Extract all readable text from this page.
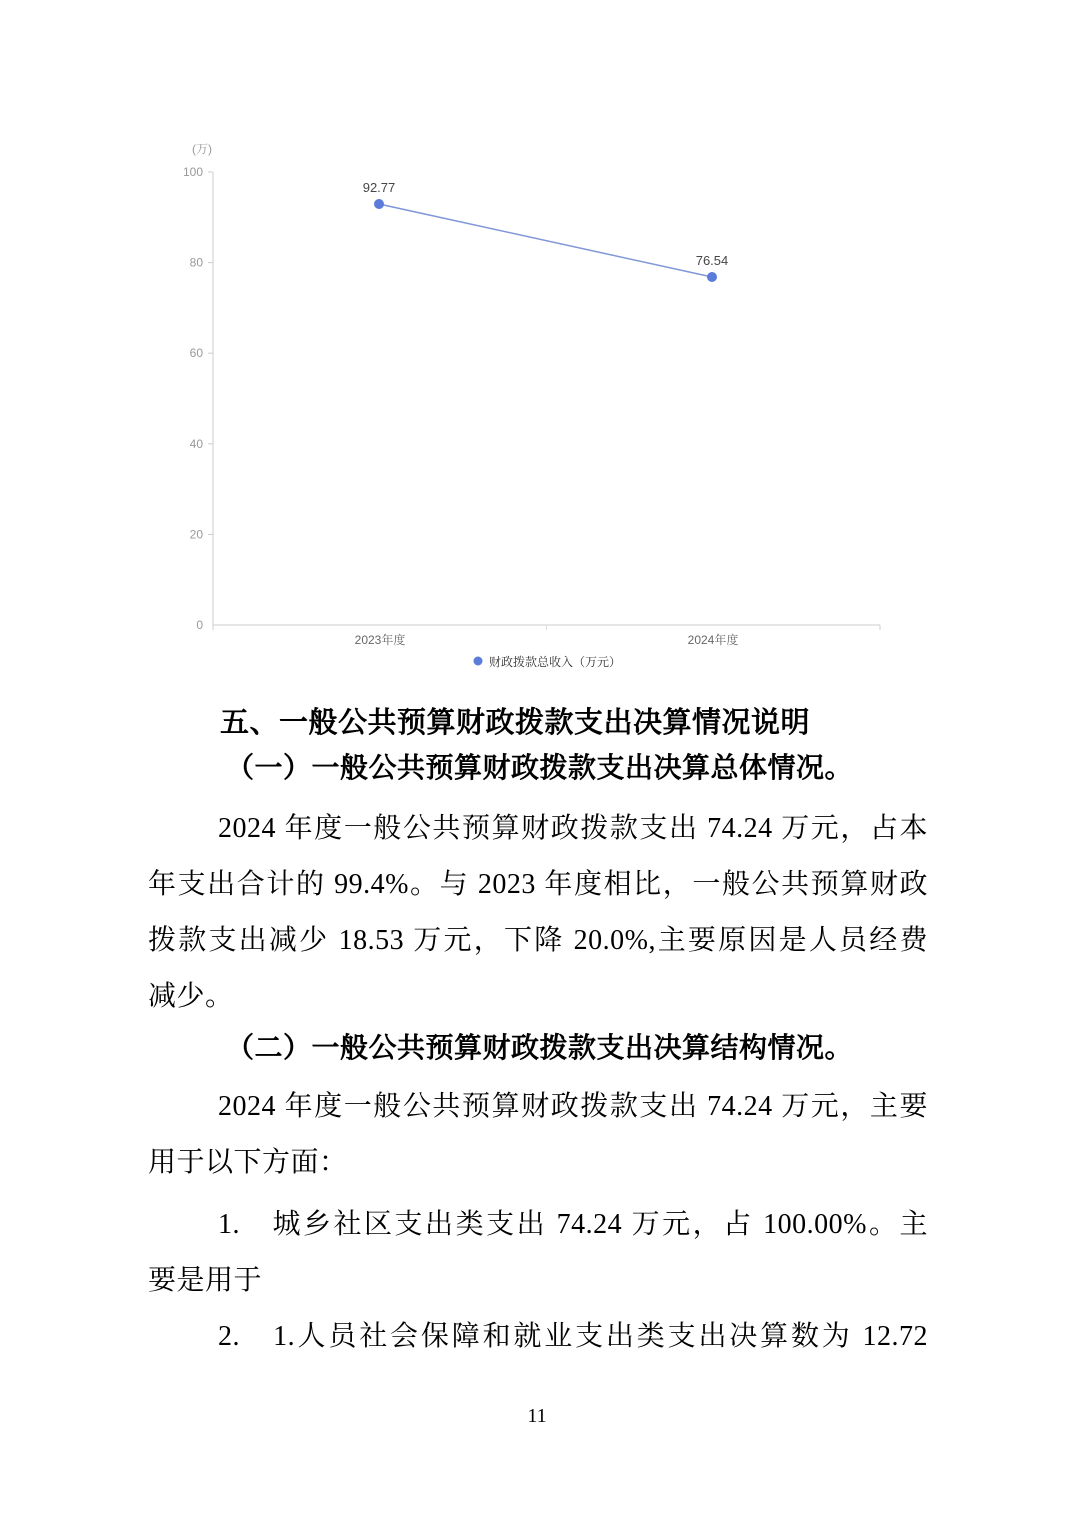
(万)
100
80
60
40
20
0
2023年度	2024年度
92.77
76.54
财政拨款总收入（万元）
五、一般公共预算财政拨款支出决算情况说明
（一）一般公共预算财政拨款支出决算总体情况。
2024 年度一般公共预算财政拨款支出 74.24 万元，占本
年支出合计的 99.4%。与 2023 年度相比，一般公共预算财政
拨款支出减少 18.53 万元，下降 20.0%,主要原因是人员经费
减少。
（二）一般公共预算财政拨款支出决算结构情况。
2024 年度一般公共预算财政拨款支出 74.24 万元，主要
用于以下方面：
1.　城乡社区支出类支出 74.24 万元，占 100.00%。主
要是用于
2.　1.人员社会保障和就业支出类支出决算数为 12.72
11
